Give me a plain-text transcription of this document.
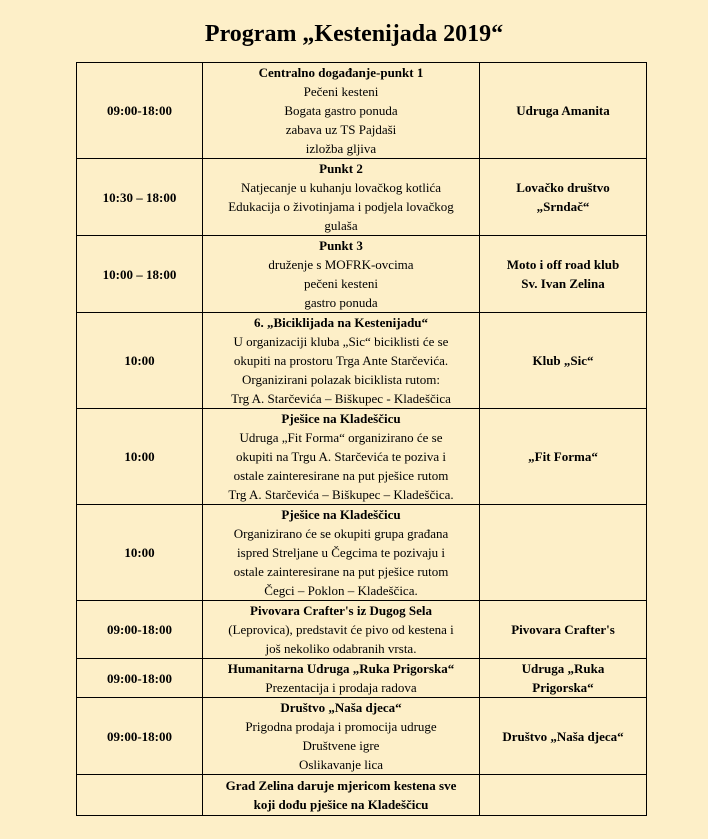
Program „Kestenijada 2019“
09:00-18:00	Centralno događanje-punkt 1
Pečeni kesteni
Bogata gastro ponuda
zabava uz TS Pajdaši
izložba gljiva	Udruga Amanita

10:30 – 18:00	Punkt 2
Natjecanje u kuhanju lovačkog kotlića
Edukacija o životinjama i podjela lovačkog
gulaša	Lovačko društvo
„Srndač“

10:00 – 18:00	Punkt 3
druženje s MOFRK-ovcima
pečeni kesteni
gastro ponuda	Moto i off road klub
Sv. Ivan Zelina

10:00	6. „Biciklijada na Kestenijadu“
U organizaciji kluba „Sic“ biciklisti će se
okupiti na prostoru Trga Ante Starčevića.
Organizirani polazak biciklista rutom:
Trg A. Starčevića – Biškupec - Kladeščica	Klub „Sic“

10:00	Pješice na Kladeščicu
Udruga „Fit Forma“ organizirano će se
okupiti na Trgu A. Starčevića te poziva i
ostale zainteresirane na put pješice rutom
Trg A. Starčevića – Biškupec – Kladeščica.	„Fit Forma“

10:00	Pješice na Kladeščicu
Organizirano će se okupiti grupa građana
ispred Streljane u Čegcima te pozivaju i
ostale zainteresirane na put pješice rutom
Čegci – Poklon – Kladeščica.	

09:00-18:00	Pivovara Crafter's iz Dugog Sela
(Leprovica), predstavit će pivo od kestena i
još nekoliko odabranih vrsta.	Pivovara Crafter's

09:00-18:00	Humanitarna Udruga „Ruka Prigorska“
Prezentacija i prodaja radova	Udruga „Ruka
Prigorska“

09:00-18:00	Društvo „Naša djeca“
Prigodna prodaja i promocija udruge
Društvene igre
Oslikavanje lica	Društvo „Naša djeca“

	Grad Zelina daruje mjericom kestena sve
koji dođu pješice na Kladeščicu	
